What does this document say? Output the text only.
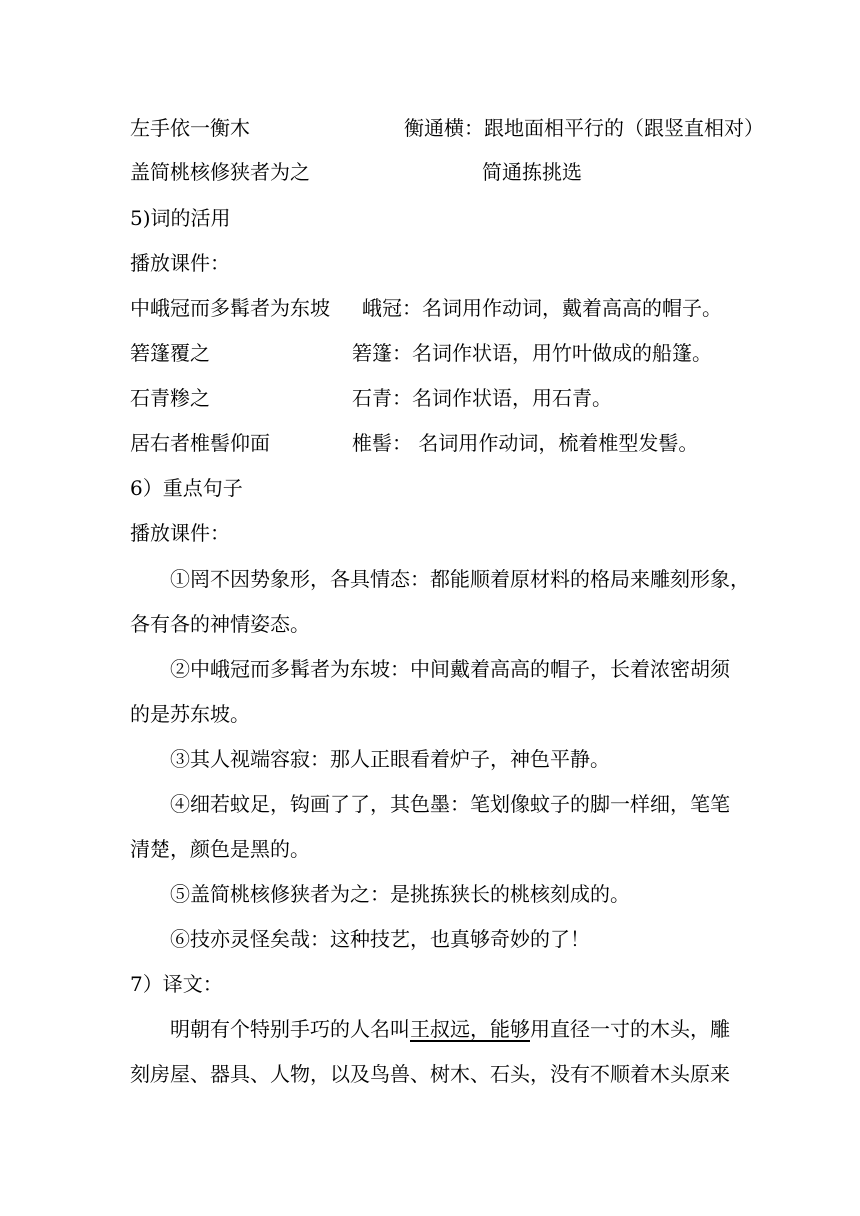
左手依一衡木	衡通横：跟地面相平行的（跟竖直相对）
盖简桃核修狭者为之	简通拣挑选
5)词的活用
播放课件：
中峨冠而多髯者为东坡 峨冠：名词用作动词，戴着高高的帽子。
箬篷覆之	箬篷：名词作状语，用竹叶做成的船篷。
石青糁之	石青：名词作状语，用石青。
居右者椎髻仰面	椎髻： 名词用作动词，梳着椎型发髻。
6）重点句子
播放课件：
①罔不因势象形，各具情态：都能顺着原材料的格局来雕刻形象，
各有各的神情姿态。
②中峨冠而多髯者为东坡：中间戴着高高的帽子，长着浓密胡须
的是苏东坡。
③其人视端容寂：那人正眼看着炉子，神色平静。
④细若蚊足，钩画了了，其色墨：笔划像蚊子的脚一样细，笔笔
清楚，颜色是黑的。
⑤盖简桃核修狭者为之：是挑拣狭长的桃核刻成的。
⑥技亦灵怪矣哉：这种技艺，也真够奇妙的了！
7）译文：
明朝有个特别手巧的人名叫王叔远，能够用直径一寸的木头，雕
刻房屋、器具、人物，以及鸟兽、树木、石头，没有不顺着木头原来
